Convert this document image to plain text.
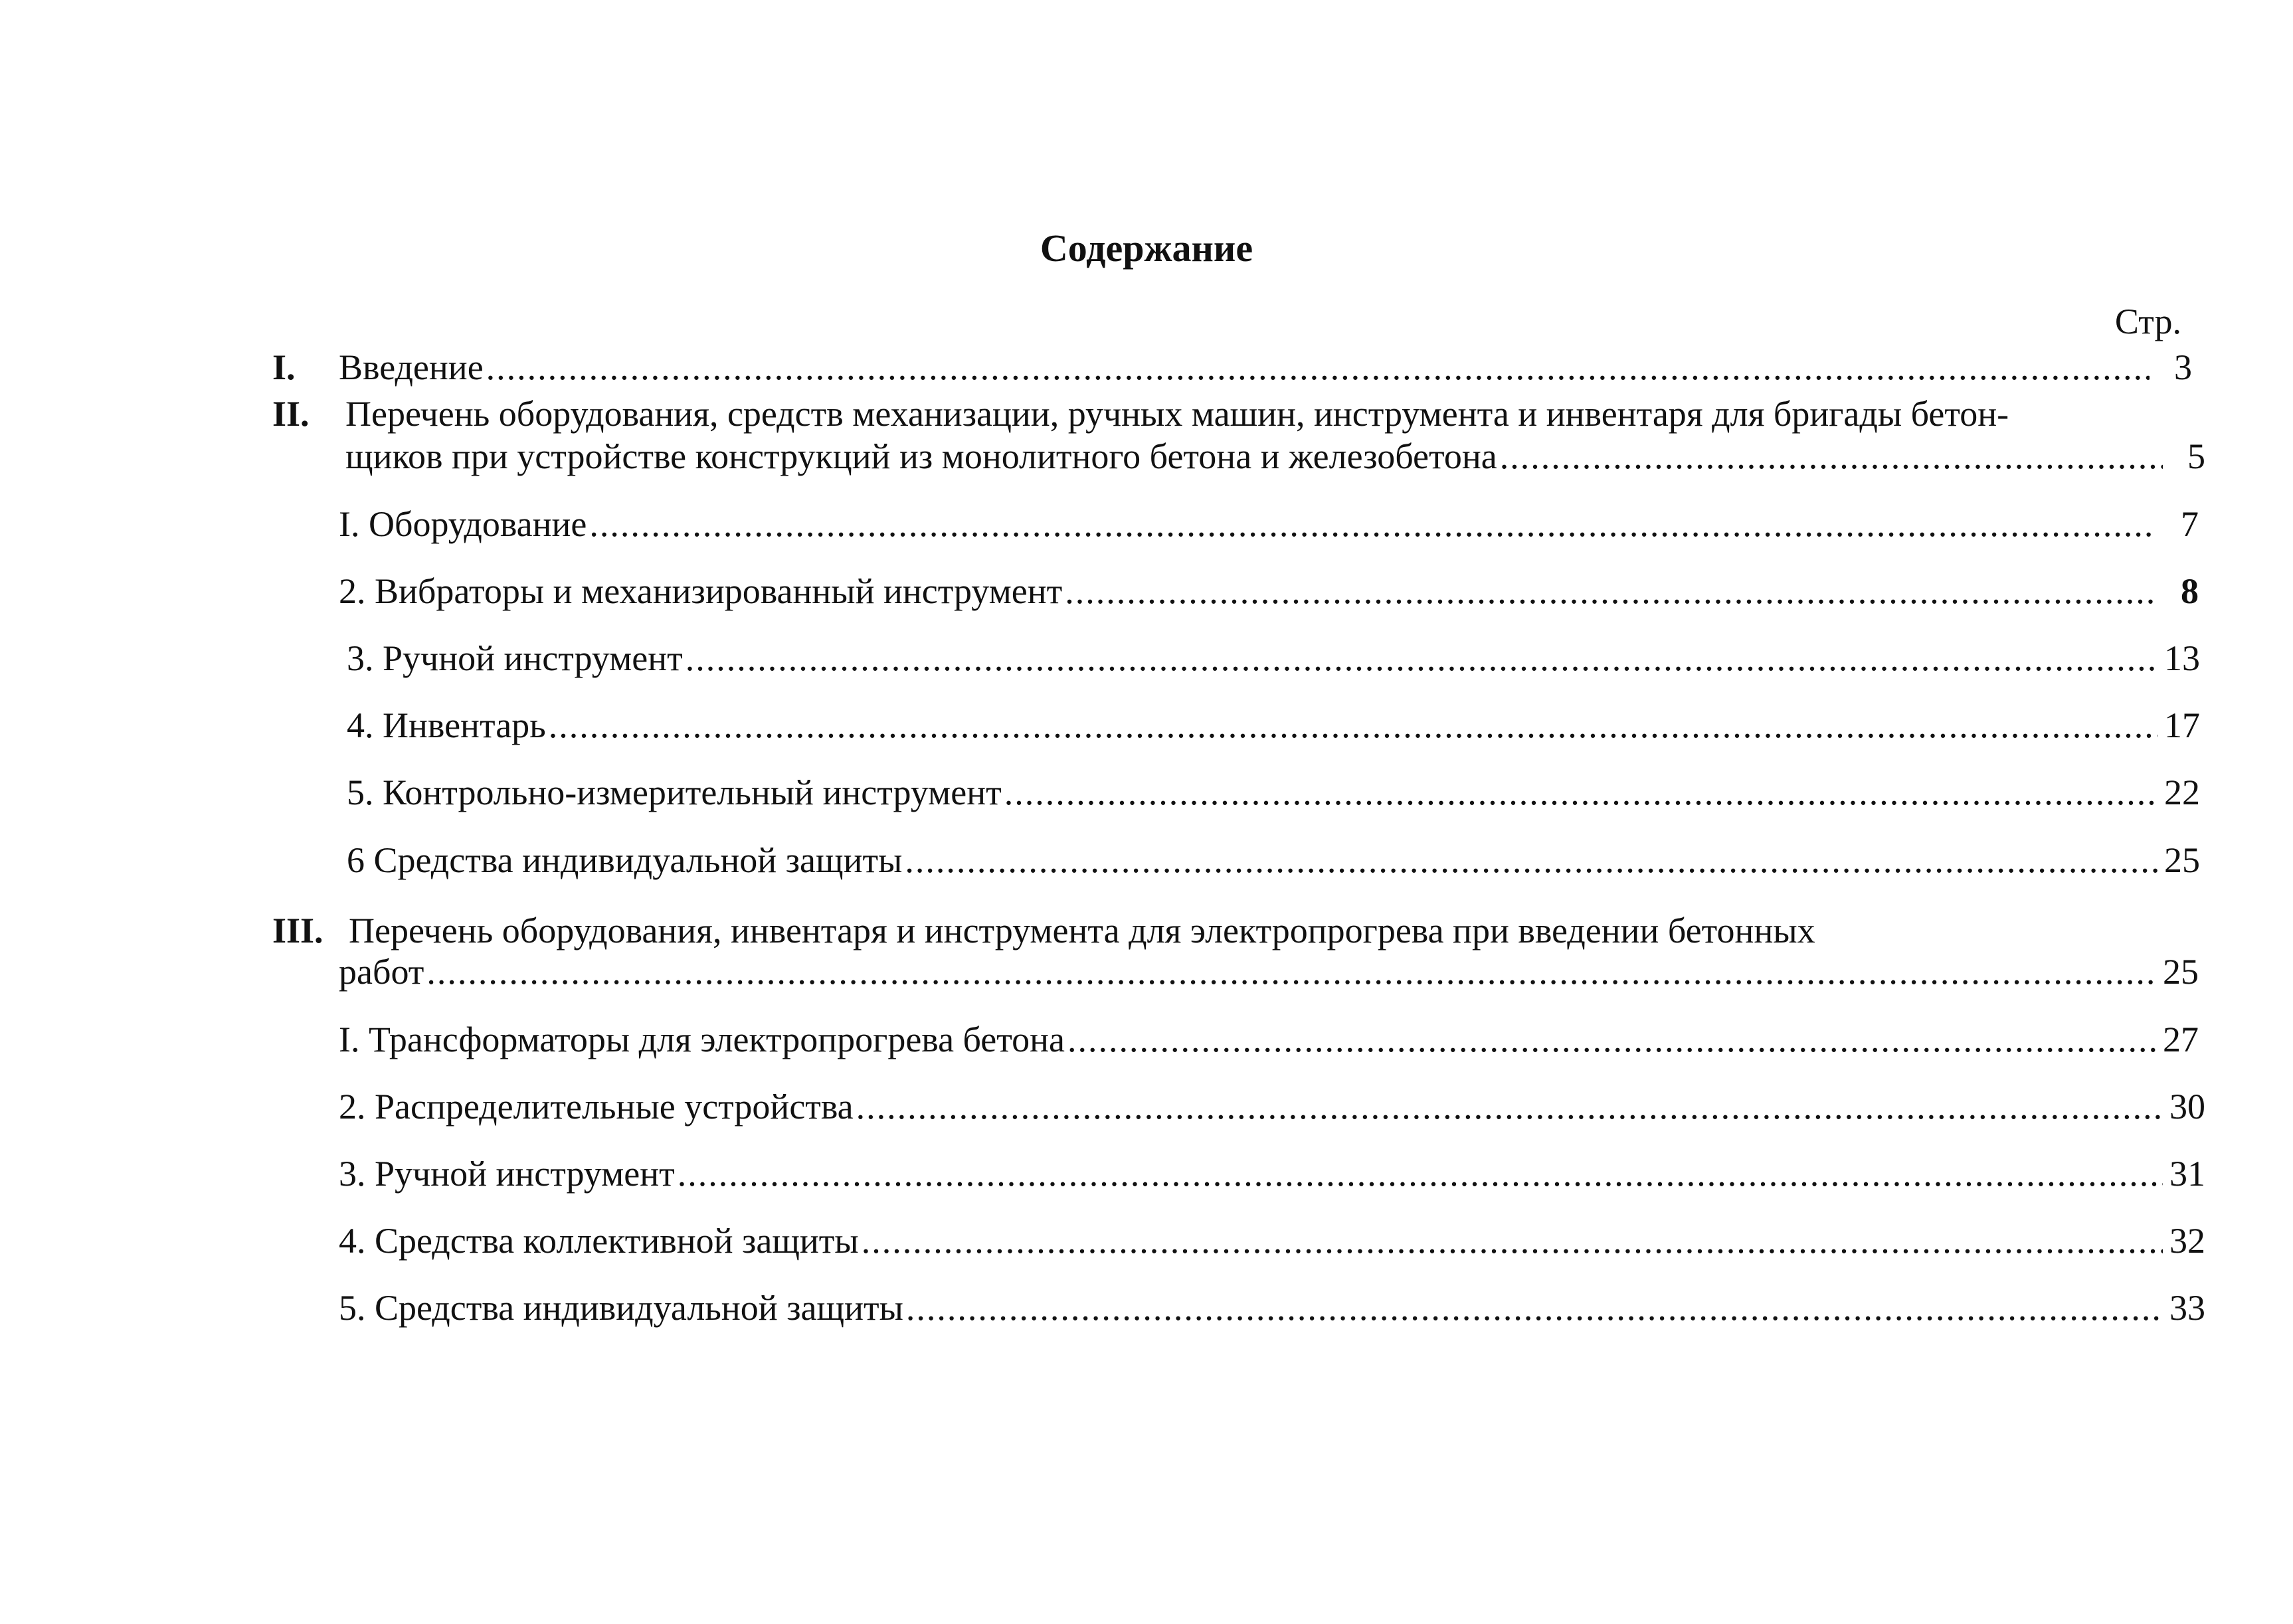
Содержание
Стр.
I. Введение .....	3
II. Перечень оборудования, средств механизации, ручных машин, инструмента и инвентаря для бригады бетон-
щиков при устройстве конструкций из монолитного бетона и железобетона .....	5
I. Оборудование .....	7
2. Вибраторы и механизированный инструмент .....	8
3. Ручной инструмент .....	13
4. Инвентарь .....	17
5. Контрольно-измерительный инструмент .....	22
6 Средства индивидуальной защиты .....	25
III. Перечень оборудования, инвентаря и инструмента для электропрогрева при введении бетонных
работ .....	25
I. Трансформаторы для электропрогрева бетона .....	27
2. Распределительные устройства .....	30
3. Ручной инструмент .....	31
4. Средства коллективной защиты .....	32
5. Средства индивидуальной защиты .....	33
